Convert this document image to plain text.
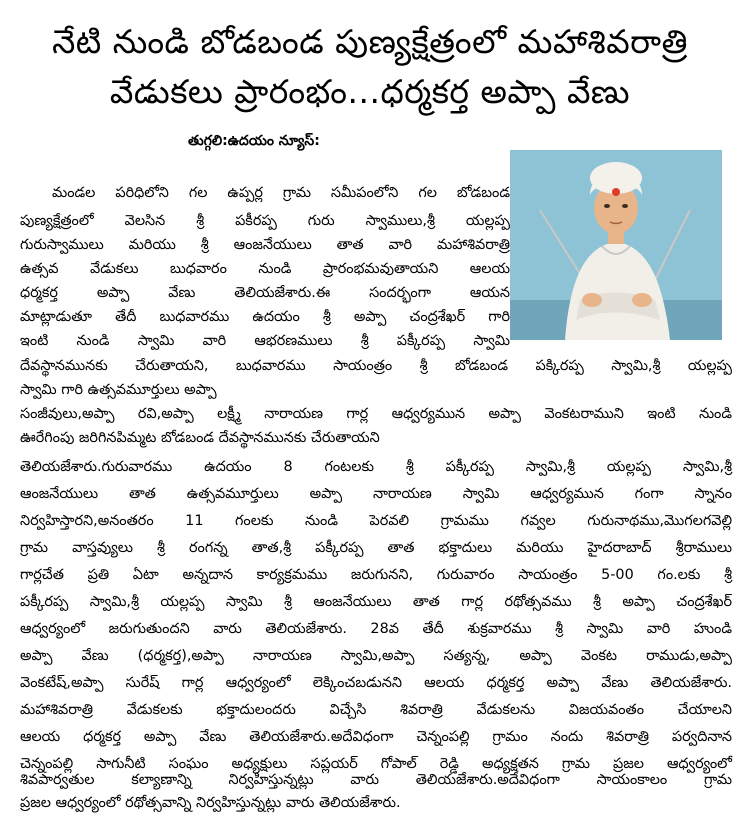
నేటి నుండి బోడబండ పుణ్యక్షేత్రంలో మహాశివరాత్రి
వేడుకలు ప్రారంభం...ధర్మకర్త అప్పా వేణు
తుగ్గలి:ఉదయం న్యూస్:
మండల పరిధిలోని గల ఉప్పర్ల గ్రామ సమీపంలోని గల బోడబండ
పుణ్యక్షేత్రంలో వెలసిన శ్రీ పకీరప్ప గురు స్వాములు,శ్రీ యల్లప్ప
గురుస్వాములు మరియు శ్రీ ఆంజనేయులు తాత వారి మహాశివరాత్రి
ఉత్సవ వేడుకలు బుధవారం నుండి ప్రారంభమవుతాయని ఆలయ
ధర్మకర్త అప్పా వేణు తెలియజేశారు.ఈ సందర్భంగా ఆయన
మాట్లాడుతూ తేదీ బుధవారము ఉదయం శ్రీ అప్పా చంద్రశేఖర్ గారి
ఇంటి నుండి స్వామి వారి ఆభరణములు శ్రీ పక్కీరప్ప స్వామి
దేవస్థానమునకు చేరుతాయని, బుధవారము సాయంత్రం శ్రీ బోడబండ పక్కిరప్ప స్వామి,శ్రీ యల్లప్ప
స్వామి గారి ఉత్సవమూర్తులు అప్పా
సంజీవులు,అప్పా రవి,అప్పా లక్ష్మీ నారాయణ గార్ల ఆధ్వర్యమున అప్పా వెంకటరాముని ఇంటి నుండి
ఊరేగింపు జరిగినపిమ్మట బోడబండ దేవస్థానమునకు చేరుతాయని
తెలియజేశారు.గురువారము ఉదయం 8 గంటలకు శ్రీ పక్కీరప్ప స్వామి,శ్రీ యల్లప్ప స్వామి,శ్రీ
ఆంజనేయులు తాత ఉత్సవమూర్తులు అప్పా నారాయణ స్వామి ఆధ్వర్యమున గంగా స్నానం
నిర్వహిస్తారని,అనంతరం 11 గంలకు నుండి పెరవలి గ్రామము గవ్వల గురునాథము,మొగలగవెల్లి
గ్రామ వాస్తవ్యులు శ్రీ రంగన్న తాత,శ్రీ పక్కీరప్ప తాత భక్తాదులు మరియు హైదరాబాద్ శ్రీరాములు
గార్లచేత ప్రతి ఏటా అన్నదాన కార్యక్రమము జరుగునని, గురువారం సాయంత్రం 5-00 గం.లకు శ్రీ
పక్కీరప్ప స్వామి,శ్రీ యల్లప్ప స్వామి శ్రీ ఆంజనేయులు తాత గార్ల రథోత్సవము శ్రీ అప్పా చంద్రశేఖర్
ఆధ్వర్యంలో జరుగుతుందని వారు తెలియజేశారు. 28వ తేదీ శుక్రవారము శ్రీ స్వామి వారి హుండి
అప్పా వేణు (ధర్మకర్త),అప్పా నారాయణ స్వామి,అప్పా సత్యన్న, అప్పా వెంకట రాముడు,అప్పా
వెంకటేష్,అప్పా సురేష్ గార్ల ఆధ్వర్యంలో లెక్కించబడునని ఆలయ ధర్మకర్త అప్పా వేణు తెలియజేశారు.
మహాశివరాత్రి వేడుకలకు భక్తాదులందరు విచ్చేసి శివరాత్రి వేడుకలను విజయవంతం చేయాలని
ఆలయ ధర్మకర్త అప్పా వేణు తెలియజేశారు.అదేవిధంగా చెన్నంపల్లి గ్రామం నందు శివరాత్రి పర్వదినాన
చెన్నంపల్లి సాగునీటి సంఘం అధ్యక్షులు సప్లయర్ గోపాల్ రెడ్డి అధ్యక్షతన గ్రామ ప్రజల ఆధ్వర్యంలో
శివపార్వతుల కల్యాణాన్ని నిర్వహిస్తున్నట్లు వారు తెలియజేశారు.అదేవిధంగా సాయంకాలం గ్రామ
ప్రజల ఆధ్వర్యంలో రథోత్సవాన్ని నిర్వహిస్తున్నట్లు వారు తెలియజేశారు.
